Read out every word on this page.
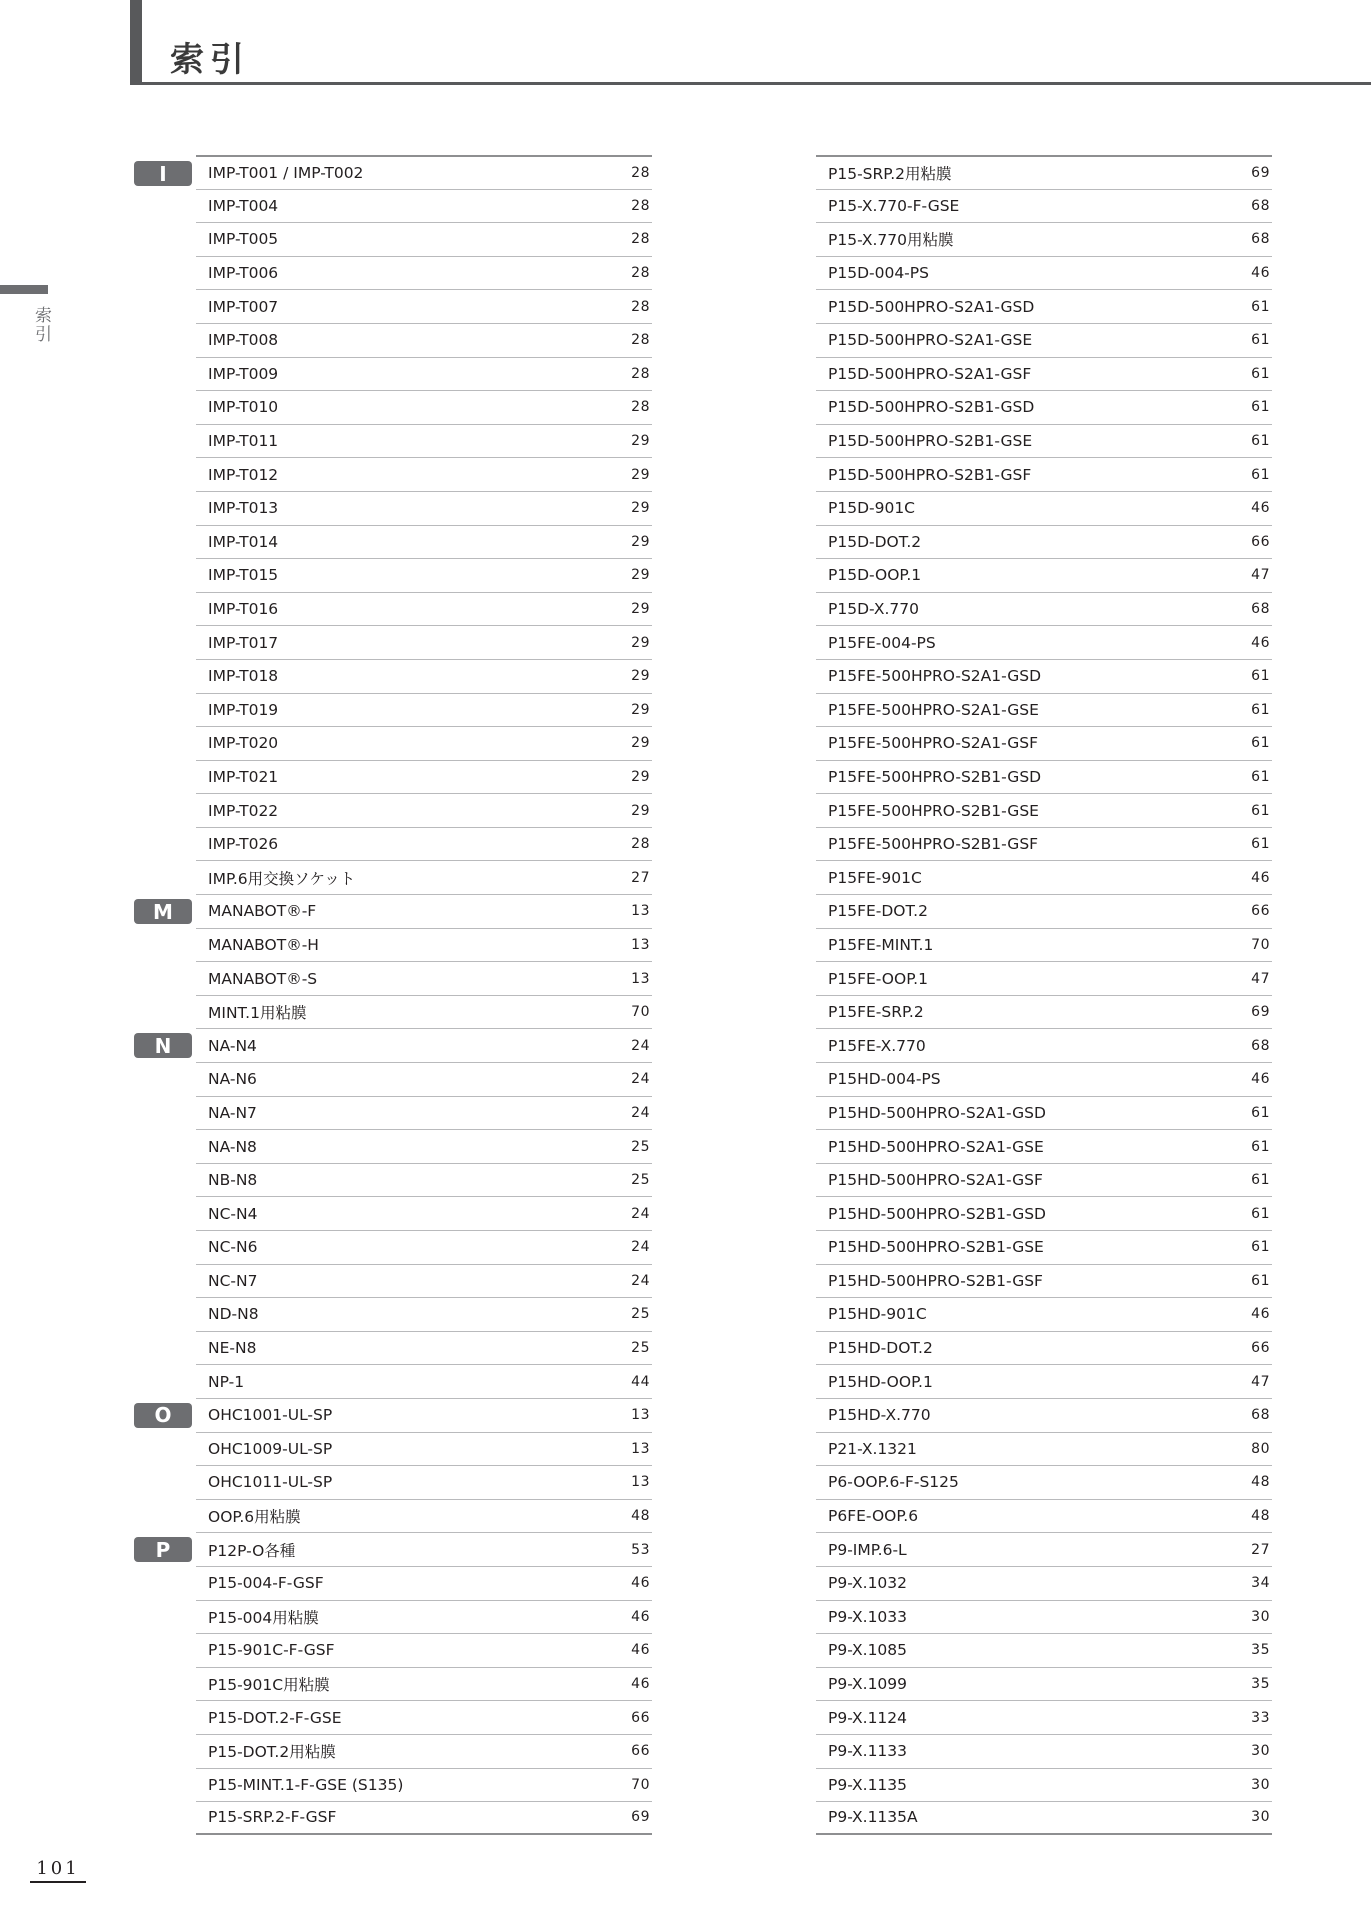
索引
索引
I	IMP-T001 / IMP-T002	28
IMP-T004	28
IMP-T005	28
IMP-T006	28
IMP-T007	28
IMP-T008	28
IMP-T009	28
IMP-T010	28
IMP-T011	29
IMP-T012	29
IMP-T013	29
IMP-T014	29
IMP-T015	29
IMP-T016	29
IMP-T017	29
IMP-T018	29
IMP-T019	29
IMP-T020	29
IMP-T021	29
IMP-T022	29
IMP-T026	28
IMP.6用交換ソケット	27
M	MANABOT®-F	13
MANABOT®-H	13
MANABOT®-S	13
MINT.1用粘膜	70
N	NA-N4	24
NA-N6	24
NA-N7	24
NA-N8	25
NB-N8	25
NC-N4	24
NC-N6	24
NC-N7	24
ND-N8	25
NE-N8	25
NP-1	44
O	OHC1001-UL-SP	13
OHC1009-UL-SP	13
OHC1011-UL-SP	13
OOP.6用粘膜	48
P	P12P-O各種	53
P15-004-F-GSF	46
P15-004用粘膜	46
P15-901C-F-GSF	46
P15-901C用粘膜	46
P15-DOT.2-F-GSE	66
P15-DOT.2用粘膜	66
P15-MINT.1-F-GSE (S135)	70
P15-SRP.2-F-GSF	69
P15-SRP.2用粘膜	69
P15-X.770-F-GSE	68
P15-X.770用粘膜	68
P15D-004-PS	46
P15D-500HPRO-S2A1-GSD	61
P15D-500HPRO-S2A1-GSE	61
P15D-500HPRO-S2A1-GSF	61
P15D-500HPRO-S2B1-GSD	61
P15D-500HPRO-S2B1-GSE	61
P15D-500HPRO-S2B1-GSF	61
P15D-901C	46
P15D-DOT.2	66
P15D-OOP.1	47
P15D-X.770	68
P15FE-004-PS	46
P15FE-500HPRO-S2A1-GSD	61
P15FE-500HPRO-S2A1-GSE	61
P15FE-500HPRO-S2A1-GSF	61
P15FE-500HPRO-S2B1-GSD	61
P15FE-500HPRO-S2B1-GSE	61
P15FE-500HPRO-S2B1-GSF	61
P15FE-901C	46
P15FE-DOT.2	66
P15FE-MINT.1	70
P15FE-OOP.1	47
P15FE-SRP.2	69
P15FE-X.770	68
P15HD-004-PS	46
P15HD-500HPRO-S2A1-GSD	61
P15HD-500HPRO-S2A1-GSE	61
P15HD-500HPRO-S2A1-GSF	61
P15HD-500HPRO-S2B1-GSD	61
P15HD-500HPRO-S2B1-GSE	61
P15HD-500HPRO-S2B1-GSF	61
P15HD-901C	46
P15HD-DOT.2	66
P15HD-OOP.1	47
P15HD-X.770	68
P21-X.1321	80
P6-OOP.6-F-S125	48
P6FE-OOP.6	48
P9-IMP.6-L	27
P9-X.1032	34
P9-X.1033	30
P9-X.1085	35
P9-X.1099	35
P9-X.1124	33
P9-X.1133	30
P9-X.1135	30
P9-X.1135A	30
101
